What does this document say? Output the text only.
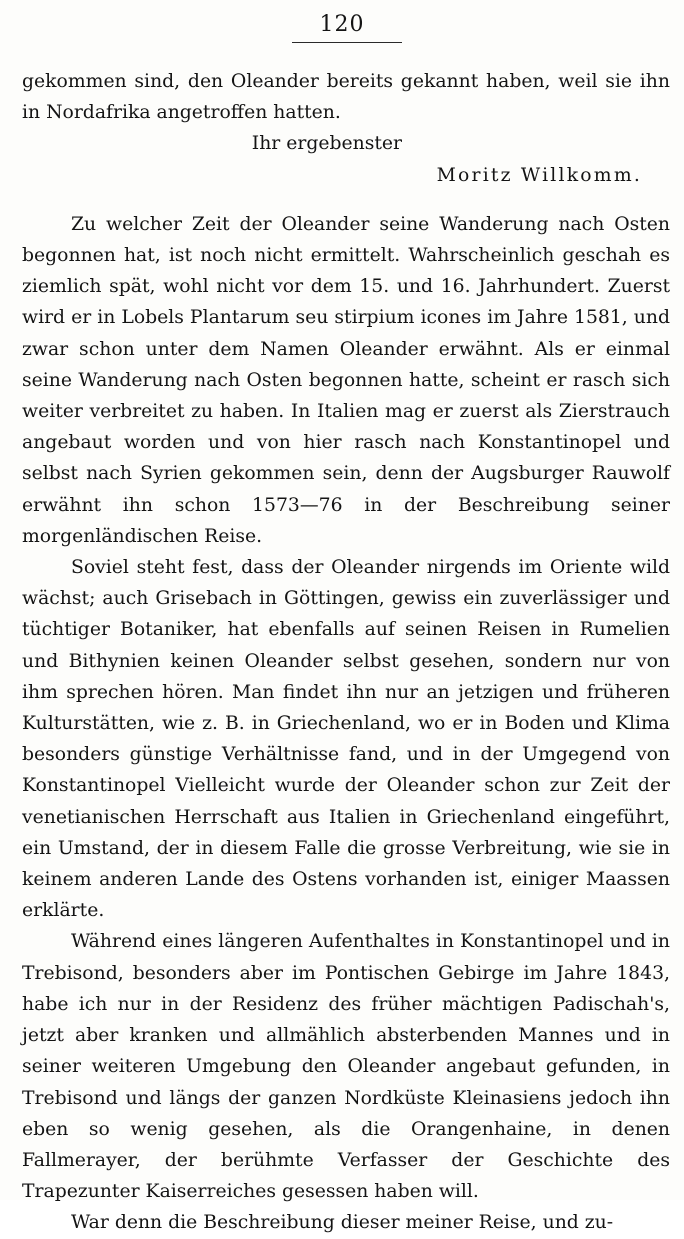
120

gekommen sind, den Oleander bereits gekannt haben, weil sie ihn in Nordafrika angetroffen hatten.

Ihr ergebenster

Moritz Willkomm.

Zu welcher Zeit der Oleander seine Wanderung nach Osten begonnen hat, ist noch nicht ermittelt. Wahrscheinlich geschah es ziemlich spät, wohl nicht vor dem 15. und 16. Jahrhundert. Zuerst wird er in Lobels Plantarum seu stirpium icones im Jahre 1581, und zwar schon unter dem Namen Oleander erwähnt. Als er einmal seine Wanderung nach Osten begonnen hatte, scheint er rasch sich weiter verbreitet zu haben. In Italien mag er zuerst als Zierstrauch angebaut worden und von hier rasch nach Konstantinopel und selbst nach Syrien gekommen sein, denn der Augsburger Rauwolf erwähnt ihn schon 1573—76 in der Beschreibung seiner morgenländischen Reise.

Soviel steht fest, dass der Oleander nirgends im Oriente wild wächst; auch Grisebach in Göttingen, gewiss ein zuverlässiger und tüchtiger Botaniker, hat ebenfalls auf seinen Reisen in Rumelien und Bithynien keinen Oleander selbst gesehen, sondern nur von ihm sprechen hören. Man findet ihn nur an jetzigen und früheren Kulturstätten, wie z. B. in Griechenland, wo er in Boden und Klima besonders günstige Verhältnisse fand, und in der Umgegend von Konstantinopel Vielleicht wurde der Oleander schon zur Zeit der venetianischen Herrschaft aus Italien in Griechenland eingeführt, ein Umstand, der in diesem Falle die grosse Verbreitung, wie sie in keinem anderen Lande des Ostens vorhanden ist, einiger Maassen erklärte.

Während eines längeren Aufenthaltes in Konstantinopel und in Trebisond, besonders aber im Pontischen Gebirge im Jahre 1843, habe ich nur in der Residenz des früher mächtigen Padischah's, jetzt aber kranken und allmählich absterbenden Mannes und in seiner weiteren Umgebung den Oleander angebaut gefunden, in Trebisond und längs der ganzen Nordküste Kleinasiens jedoch ihn eben so wenig gesehen, als die Orangenhaine, in denen Fallmerayer, der berühmte Verfasser der Geschichte des Trapezunter Kaiserreiches gesessen haben will.

War denn die Beschreibung dieser meiner Reise, und zu-
